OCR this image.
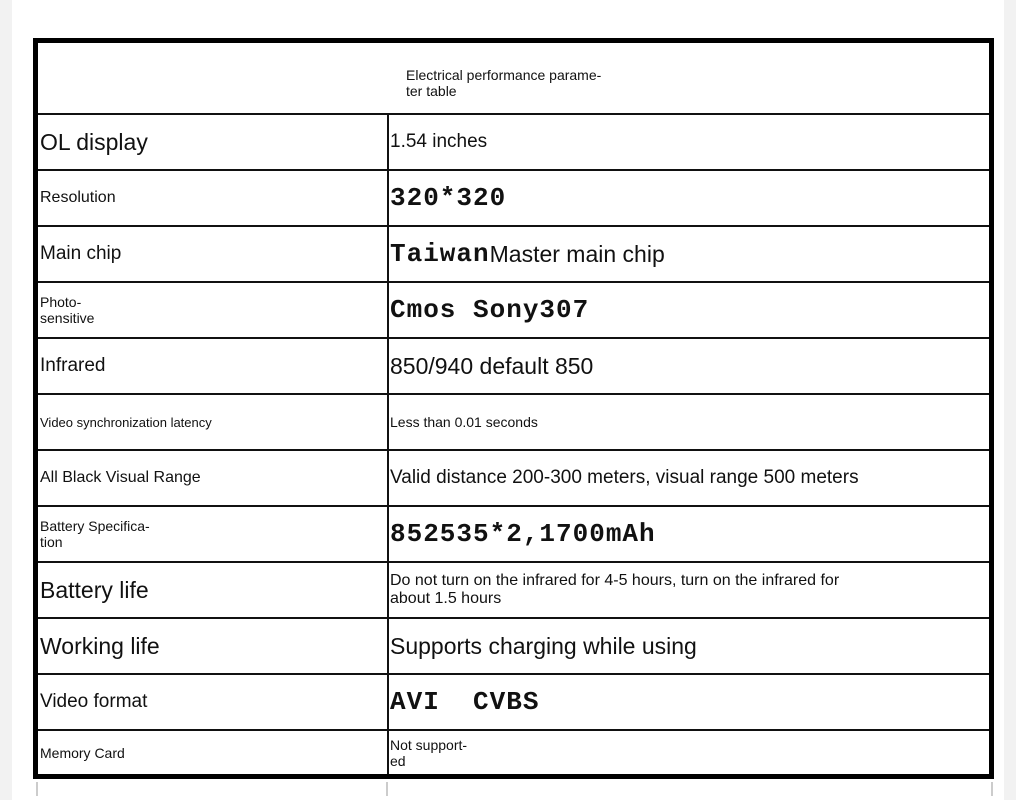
Electrical performance parame-
ter table
OL display	1.54 inches
Resolution	320*320
Main chip	Taiwan Master main chip
Photo-
sensitive	Cmos Sony307
Infrared	850/940 default 850
Video synchronization latency	Less than 0.01 seconds
All Black Visual Range	Valid distance 200-300 meters, visual range 500 meters
Battery Specifica-
tion	852535*2,1700mAh
Battery life	Do not turn on the infrared for 4-5 hours, turn on the infrared for
about 1.5 hours
Working life	Supports charging while using
Video format	AVI  CVBS
Memory Card	Not support-
ed
